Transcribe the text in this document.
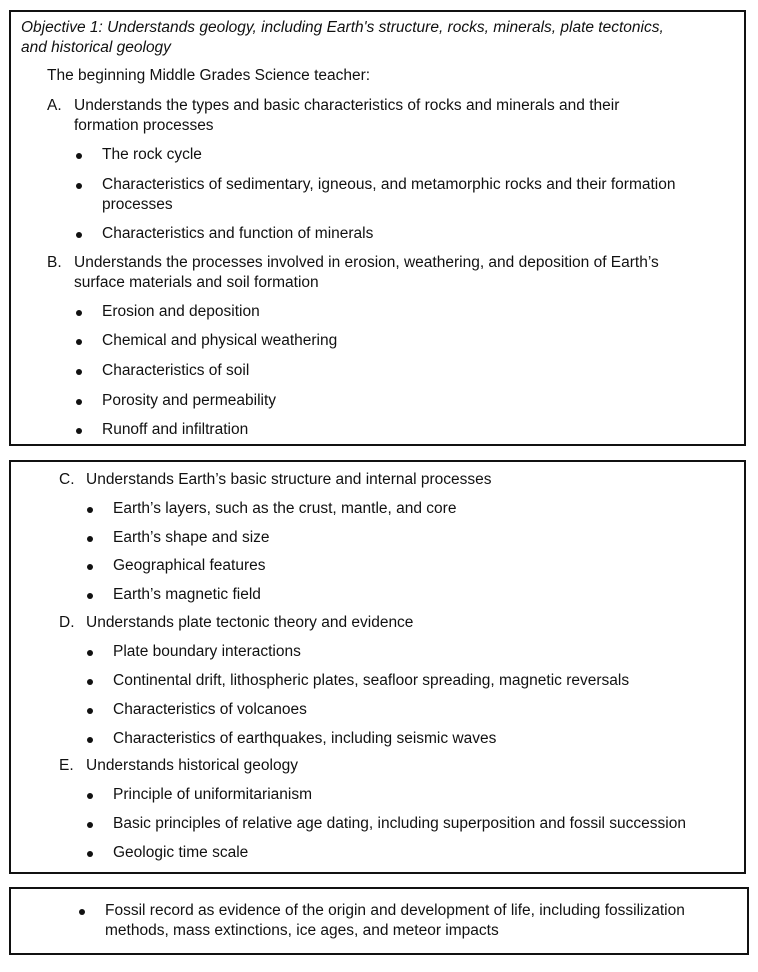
Objective 1: Understands geology, including Earth's structure, rocks, minerals, plate tectonics,
and historical geology
The beginning Middle Grades Science teacher:
A. Understands the types and basic characteristics of rocks and minerals and their
formation processes
The rock cycle
Characteristics of sedimentary, igneous, and metamorphic rocks and their formation
processes
Characteristics and function of minerals
B. Understands the processes involved in erosion, weathering, and deposition of Earth’s
surface materials and soil formation
Erosion and deposition
Chemical and physical weathering
Characteristics of soil
Porosity and permeability
Runoff and infiltration
C. Understands Earth’s basic structure and internal processes
Earth’s layers, such as the crust, mantle, and core
Earth’s shape and size
Geographical features
Earth’s magnetic field
D. Understands plate tectonic theory and evidence
Plate boundary interactions
Continental drift, lithospheric plates, seafloor spreading, magnetic reversals
Characteristics of volcanoes
Characteristics of earthquakes, including seismic waves
E. Understands historical geology
Principle of uniformitarianism
Basic principles of relative age dating, including superposition and fossil succession
Geologic time scale
Fossil record as evidence of the origin and development of life, including fossilization
methods, mass extinctions, ice ages, and meteor impacts
